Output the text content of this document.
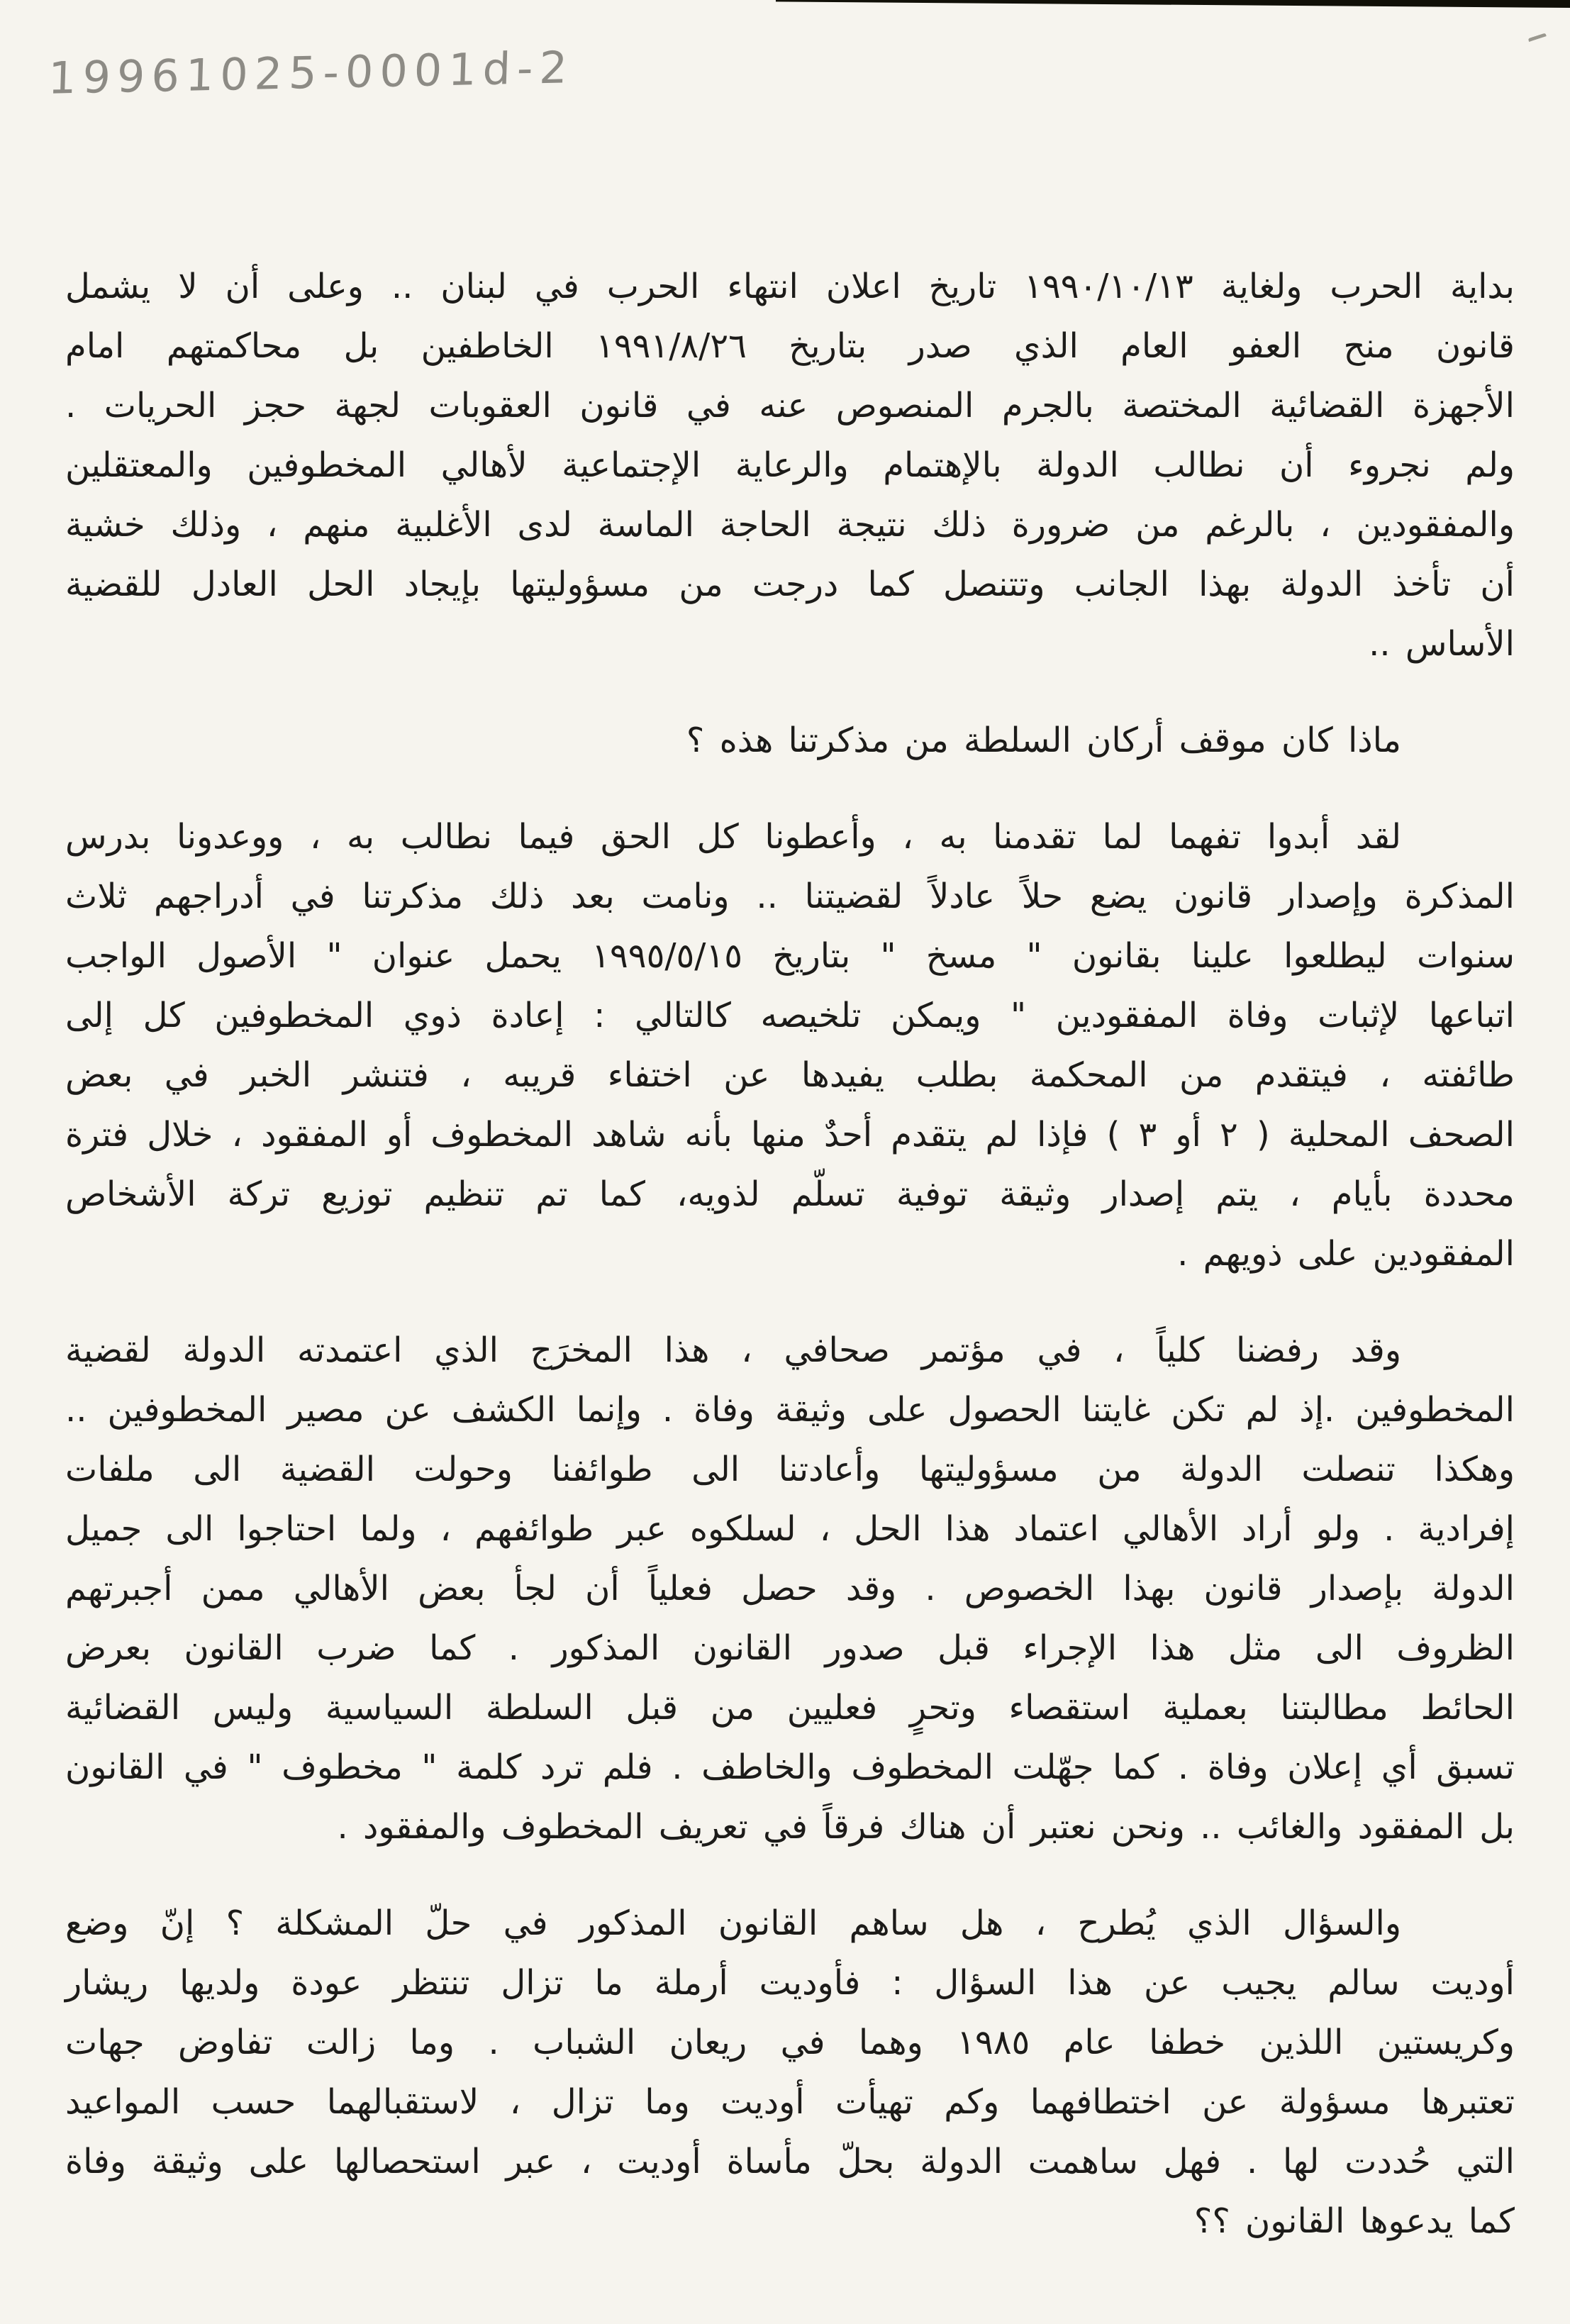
19961025-0001d-2
بداية الحرب ولغاية ١٩٩٠/١٠/١٣ تاريخ اعلان انتهاء الحرب في لبنان .. وعلى أن لا يشمل
قانون منح العفو العام الذي صدر بتاريخ ١٩٩١/٨/٢٦ الخاطفين بل محاكمتهم امام
الأجهزة القضائية المختصة بالجرم المنصوص عنه في قانون العقوبات لجهة حجز الحريات .
ولم نجروء أن نطالب الدولة بالإهتمام والرعاية الإجتماعية لأهالي المخطوفين والمعتقلين
والمفقودين ، بالرغم من ضرورة ذلك نتيجة الحاجة الماسة لدى الأغلبية منهم ، وذلك خشية
أن تأخذ الدولة بهذا الجانب وتتنصل كما درجت من مسؤوليتها بإيجاد الحل العادل للقضية
الأساس ..
ماذا كان موقف أركان السلطة من مذكرتنا هذه ؟
لقد أبدوا تفهما لما تقدمنا به ، وأعطونا كل الحق فيما نطالب به ، ووعدونا بدرس
المذكرة وإصدار قانون يضع حلاً عادلاً لقضيتنا .. ونامت بعد ذلك مذكرتنا في أدراجهم ثلاث
سنوات ليطلعوا علينا بقانون " مسخ " بتاريخ ١٩٩٥/٥/١٥ يحمل عنوان " الأصول الواجب
اتباعها لإثبات وفاة المفقودين " ويمكن تلخيصه كالتالي : إعادة ذوي المخطوفين كل إلى
طائفته ، فيتقدم من المحكمة بطلب يفيدها عن اختفاء قريبه ، فتنشر الخبر في بعض
الصحف المحلية ( ٢ أو ٣ ) فإذا لم يتقدم أحدٌ منها بأنه شاهد المخطوف أو المفقود ، خلال فترة
محددة بأيام ، يتم إصدار وثيقة توفية تسلّم لذويه، كما تم تنظيم توزيع تركة الأشخاص
المفقودين على ذويهم .
وقد رفضنا كلياً ، في مؤتمر صحافي ، هذا المخرَج الذي اعتمدته الدولة لقضية
المخطوفين .إذ لم تكن غايتنا الحصول على وثيقة وفاة . وإنما الكشف عن مصير المخطوفين ..
وهكذا تنصلت الدولة من مسؤوليتها وأعادتنا الى طوائفنا وحولت القضية الى ملفات
إفرادية . ولو أراد الأهالي اعتماد هذا الحل ، لسلكوه عبر طوائفهم ، ولما احتاجوا الى جميل
الدولة بإصدار قانون بهذا الخصوص . وقد حصل فعلياً أن لجأ بعض الأهالي ممن أجبرتهم
الظروف الى مثل هذا الإجراء قبل صدور القانون المذكور . كما ضرب القانون بعرض
الحائط مطالبتنا بعملية استقصاء وتحرٍ فعليين من قبل السلطة السياسية وليس القضائية
تسبق أي إعلان وفاة . كما جهّلت المخطوف والخاطف . فلم ترد كلمة " مخطوف " في القانون
بل المفقود والغائب .. ونحن نعتبر أن هناك فرقاً في تعريف المخطوف والمفقود .
والسؤال الذي يُطرح ، هل ساهم القانون المذكور في حلّ المشكلة ؟ إنّ وضع
أوديت سالم يجيب عن هذا السؤال : فأوديت أرملة ما تزال تنتظر عودة ولديها ريشار
وكريستين اللذين خطفا عام ١٩٨٥ وهما في ريعان الشباب . وما زالت تفاوض جهات
تعتبرها مسؤولة عن اختطافهما وكم تهيأت أوديت وما تزال ، لاستقبالهما حسب المواعيد
التي حُددت لها . فهل ساهمت الدولة بحلّ مأساة أوديت ، عبر استحصالها على وثيقة وفاة
كما يدعوها القانون ؟؟
